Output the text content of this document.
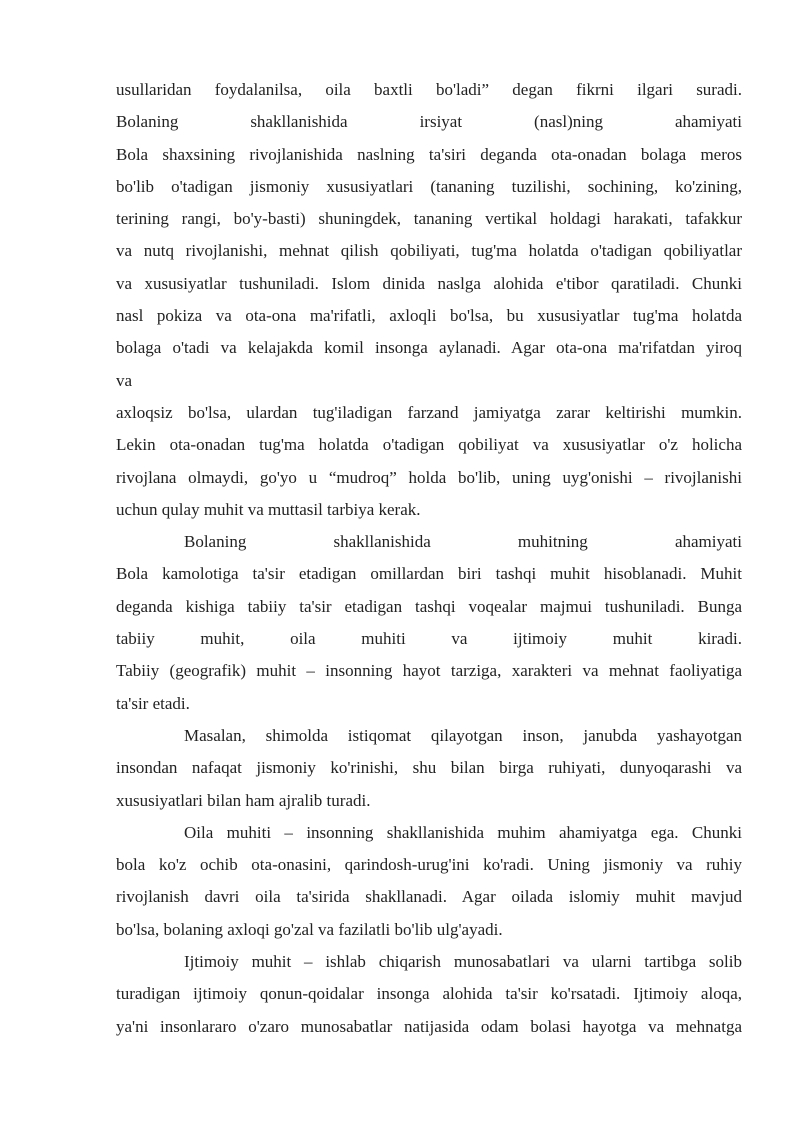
usullaridan foydalanilsa, oila baxtli bo'ladi” degan fikrni ilgari suradi.
Bolaning shakllanishida irsiyat (nasl)ning ahamiyati
Bola shaxsining rivojlanishida naslning ta'siri deganda ota-onadan bolaga meros
bo'lib o'tadigan jismoniy xususiyatlari (tananing tuzilishi, sochining, ko'zining,
terining rangi, bo'y-basti) shuningdek, tananing vertikal holdagi harakati, tafakkur
va nutq rivojlanishi, mehnat qilish qobiliyati, tug'ma holatda o'tadigan qobiliyatlar
va xususiyatlar tushuniladi. Islom dinida naslga alohida e'tibor qaratiladi. Chunki
nasl pokiza va ota-ona ma'rifatli, axloqli bo'lsa, bu xususiyatlar tug'ma holatda
bolaga o'tadi va kelajakda komil insonga aylanadi. Agar ota-ona ma'rifatdan yiroq
va
axloqsiz bo'lsa, ulardan tug'iladigan farzand jamiyatga zarar keltirishi mumkin.
Lekin ota-onadan tug'ma holatda o'tadigan qobiliyat va xususiyatlar o'z holicha
rivojlana olmaydi, go'yo u “mudroq” holda bo'lib, uning uyg'onishi – rivojlanishi
uchun qulay muhit va muttasil tarbiya kerak.
Bolaning shakllanishida muhitning ahamiyati
Bola kamolotiga ta'sir etadigan omillardan biri tashqi muhit hisoblanadi. Muhit
deganda kishiga tabiiy ta'sir etadigan tashqi voqealar majmui tushuniladi. Bunga
tabiiy muhit, oila muhiti va ijtimoiy muhit kiradi.
Tabiiy (geografik) muhit – insonning hayot tarziga, xarakteri va mehnat faoliyatiga
ta'sir etadi.
Masalan, shimolda istiqomat qilayotgan inson, janubda yashayotgan
insondan nafaqat jismoniy ko'rinishi, shu bilan birga ruhiyati, dunyoqarashi va
xususiyatlari bilan ham ajralib turadi.
Oila muhiti – insonning shakllanishida muhim ahamiyatga ega. Chunki
bola ko'z ochib ota-onasini, qarindosh-urug'ini ko'radi. Uning jismoniy va ruhiy
rivojlanish davri oila ta'sirida shakllanadi. Agar oilada islomiy muhit mavjud
bo'lsa, bolaning axloqi go'zal va fazilatli bo'lib ulg'ayadi.
Ijtimoiy muhit – ishlab chiqarish munosabatlari va ularni tartibga solib
turadigan ijtimoiy qonun-qoidalar insonga alohida ta'sir ko'rsatadi. Ijtimoiy aloqa,
ya'ni insonlararo o'zaro munosabatlar natijasida odam bolasi hayotga va mehnatga
